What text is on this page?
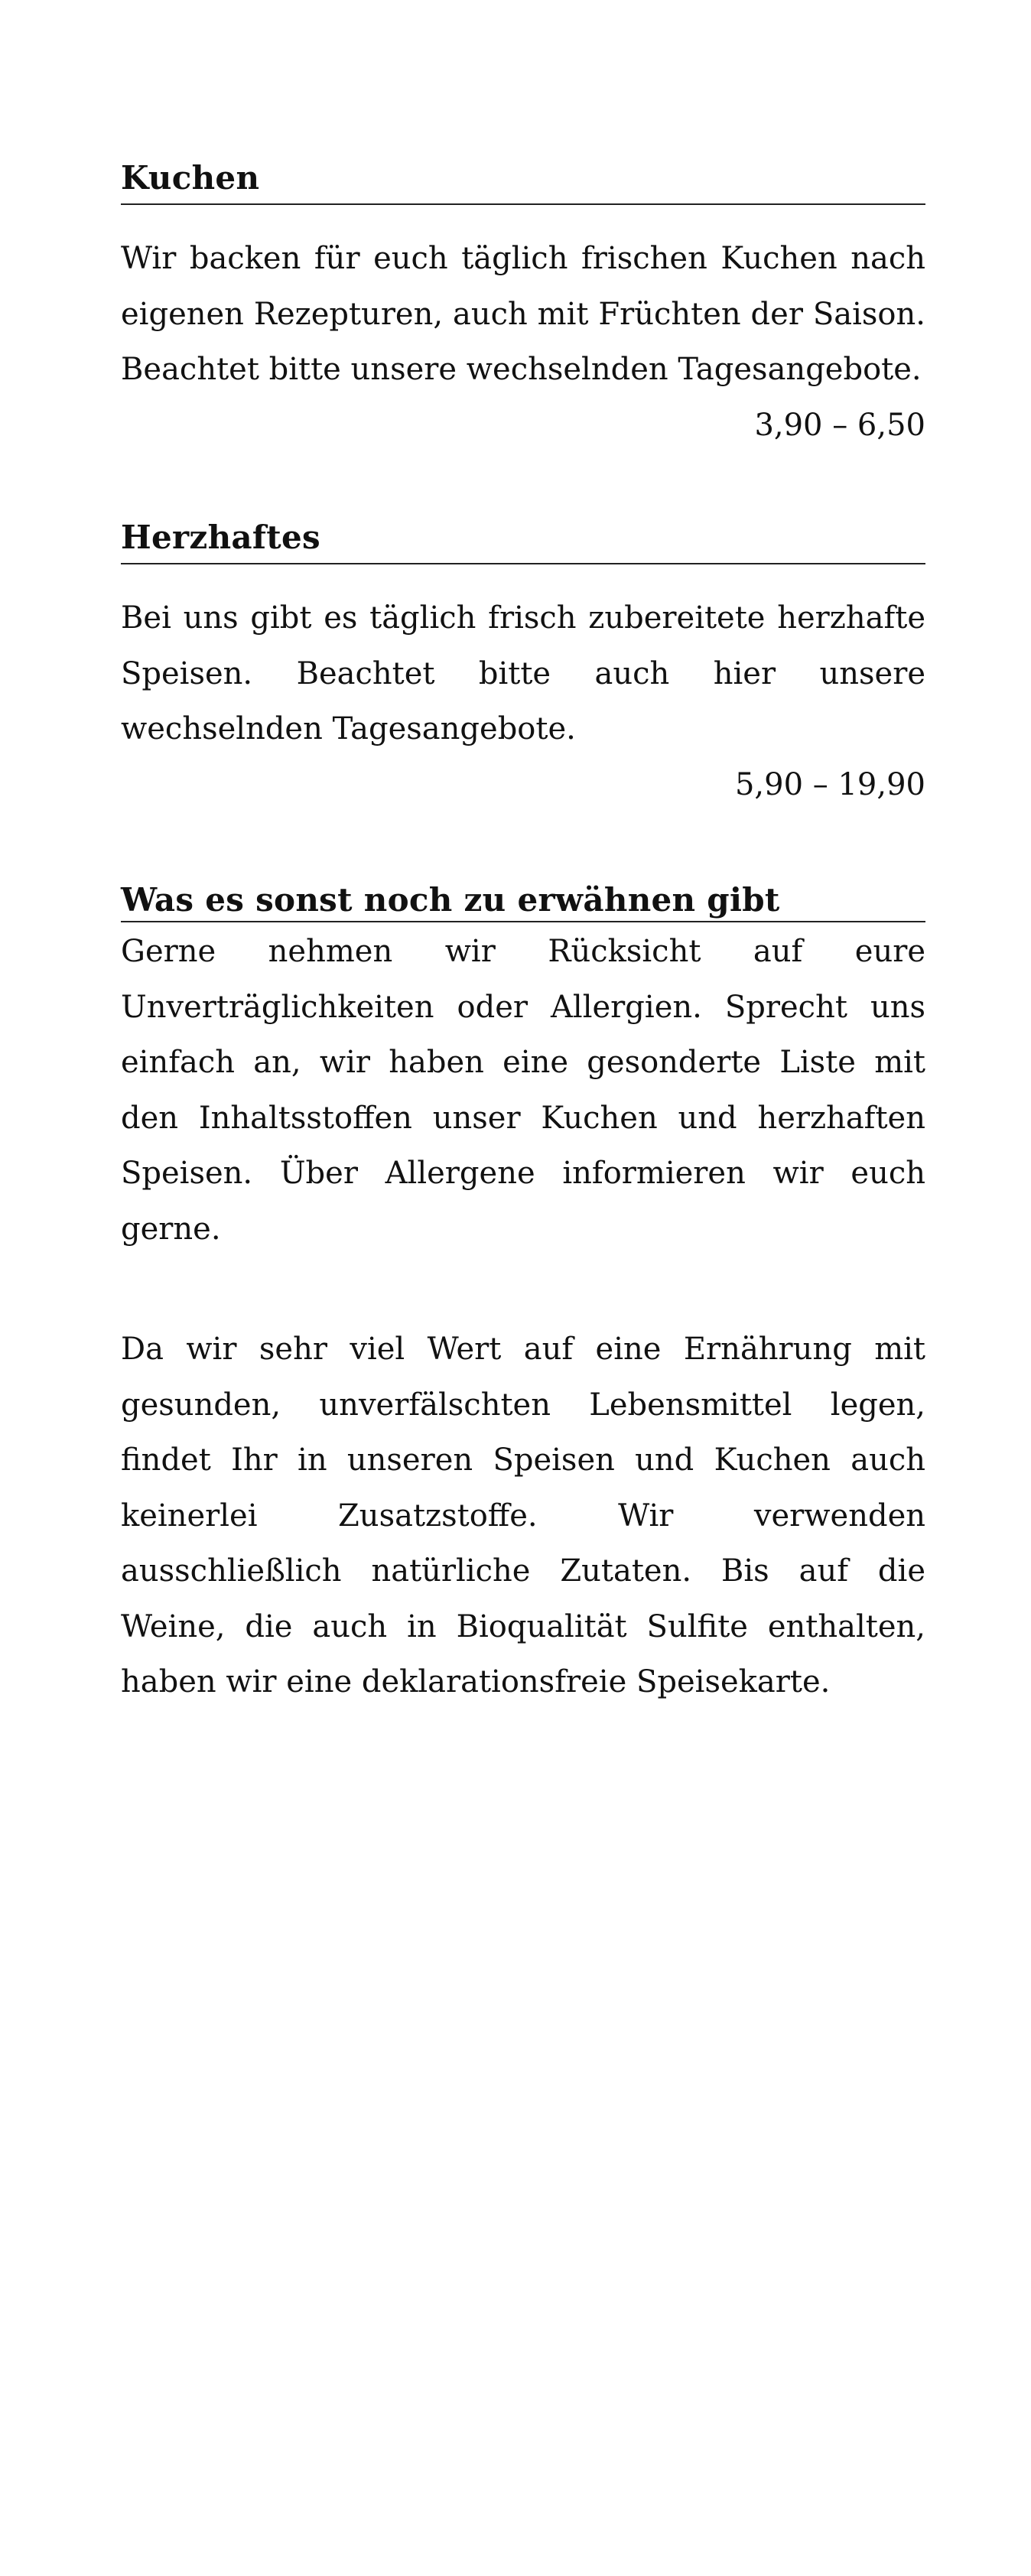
Kuchen

Wir backen für euch täglich frischen Kuchen nach eigenen Rezepturen, auch mit Früchten der Saison. Beachtet bitte unsere wechselnden Tagesangebote.

3,90 – 6,50

Herzhaftes

Bei uns gibt es täglich frisch zubereitete herzhafte Speisen. Beachtet bitte auch hier unsere wechselnden Tagesangebote.

5,90 – 19,90

Was es sonst noch zu erwähnen gibt

Gerne nehmen wir Rücksicht auf eure Unverträglichkeiten oder Allergien. Sprecht uns einfach an, wir haben eine gesonderte Liste mit den Inhaltsstoffen unser Kuchen und herzhaften Speisen. Über Allergene informieren wir euch gerne.

Da wir sehr viel Wert auf eine Ernährung mit gesunden, unverfälschten Lebensmittel legen, findet Ihr in unseren Speisen und Kuchen auch keinerlei Zusatzstoffe. Wir verwenden ausschließlich natürliche Zutaten. Bis auf die Weine, die auch in Bioqualität Sulfite enthalten, haben wir eine deklarationsfreie Speisekarte.
